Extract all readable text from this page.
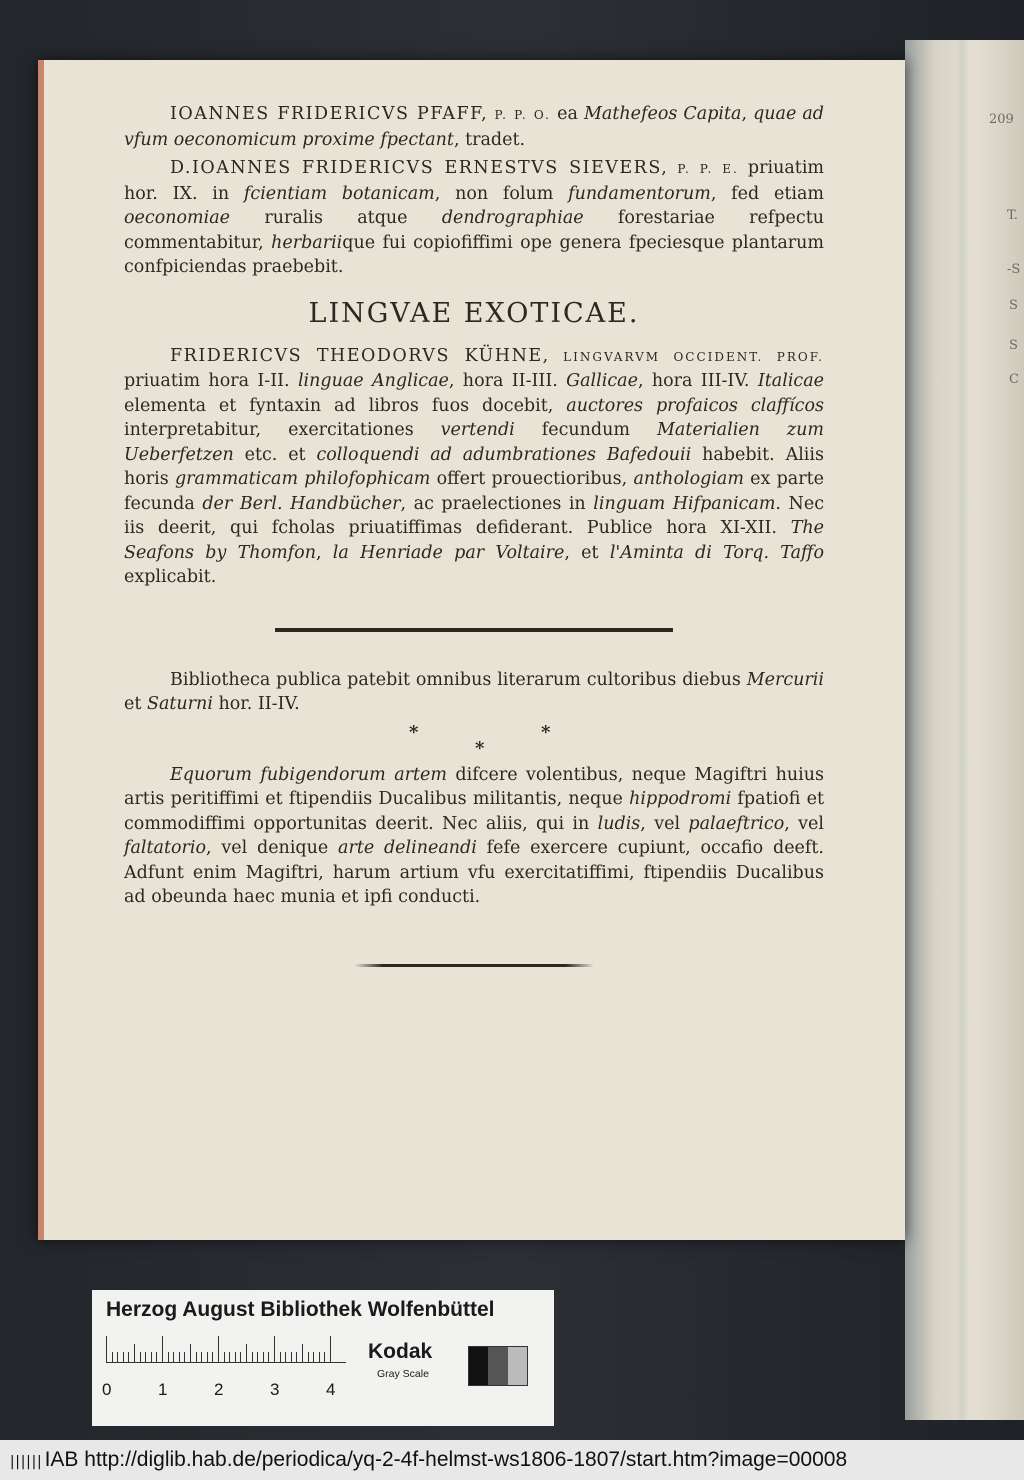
209
T.
-S
S
S
C

IOANNES FRIDERICVS PFAFF, P. P. O. ea Mathefeos Capita, quae ad vfum oeconomicum proxime fpectant, tradet.

D.IOANNES FRIDERICVS ERNESTVS SIEVERS, P. P. E. priuatim hor. IX. in fcientiam botanicam, non folum fundamentorum, fed etiam oeconomiae ruralis atque dendrographiae forestariae refpectu commentabitur, herbariique fui copiofiffimi ope genera fpeciesque plantarum confpiciendas praebebit.

LINGVAE EXOTICAE.

FRIDERICVS THEODORVS KÜHNE, LINGVARVM OCCIDENT. PROF. priuatim hora I-II. linguae Anglicae, hora II-III. Gallicae, hora III-IV. Italicae elementa et fyntaxin ad libros fuos docebit, auctores profaicos claffícos interpretabitur, exercitationes vertendi fecundum Materialien zum Ueberfetzen etc. et colloquendi ad adumbrationes Bafedouii habebit. Aliis horis grammaticam philofophicam offert prouectioribus, anthologiam ex parte fecunda der Berl. Handbücher, ac praelectiones in linguam Hifpanicam. Nec iis deerit, qui fcholas priuatiffimas defiderant. Publice hora XI-XII. The Seafons by Thomfon, la Henriade par Voltaire, et l'Aminta di Torq. Taffo explicabit.

Bibliotheca publica patebit omnibus literarum cultoribus diebus Mercurii et Saturni hor. II-IV.

*	*
*

Equorum fubigendorum artem difcere volentibus, neque Magiftri huius artis peritiffimi et ftipendiis Ducalibus militantis, neque hippodromi fpatiofi et commodiffimi opportunitas deerit. Nec aliis, qui in ludis, vel palaeftrico, vel faltatorio, vel denique arte delineandi fefe exercere cupiunt, occafio deeft. Adfunt enim Magiftri, harum artium vfu exercitatiffimi, ftipendiis Ducalibus ad obeunda haec munia et ipfi conducti.

Herzog August Bibliothek Wolfenbüttel
0	1	2	3	4
Kodak
Gray Scale
|||||| IAB http://diglib.hab.de/periodica/yq-2-4f-helmst-ws1806-1807/start.htm?image=00008
